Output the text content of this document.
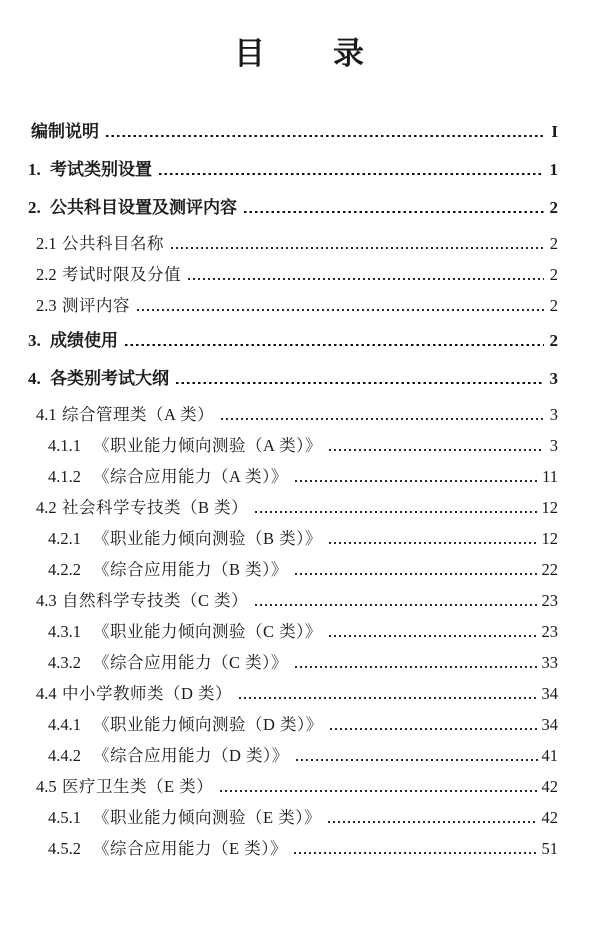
目　　录
编制说明	I
1. 考试类别设置	1
2. 公共科目设置及测评内容	2
2.1 公共科目名称	2
2.2 考试时限及分值	2
2.3 测评内容	2
3. 成绩使用	2
4. 各类别考试大纲	3
4.1 综合管理类（A 类）	3
4.1.1 《职业能力倾向测验（A 类）》	3
4.1.2 《综合应用能力（A 类）》	11
4.2 社会科学专技类（B 类）	12
4.2.1 《职业能力倾向测验（B 类）》	12
4.2.2 《综合应用能力（B 类）》	22
4.3 自然科学专技类（C 类）	23
4.3.1 《职业能力倾向测验（C 类）》	23
4.3.2 《综合应用能力（C 类）》	33
4.4 中小学教师类（D 类）	34
4.4.1 《职业能力倾向测验（D 类）》	34
4.4.2 《综合应用能力（D 类）》	41
4.5 医疗卫生类（E 类）	42
4.5.1 《职业能力倾向测验（E 类）》	42
4.5.2 《综合应用能力（E 类）》	51
